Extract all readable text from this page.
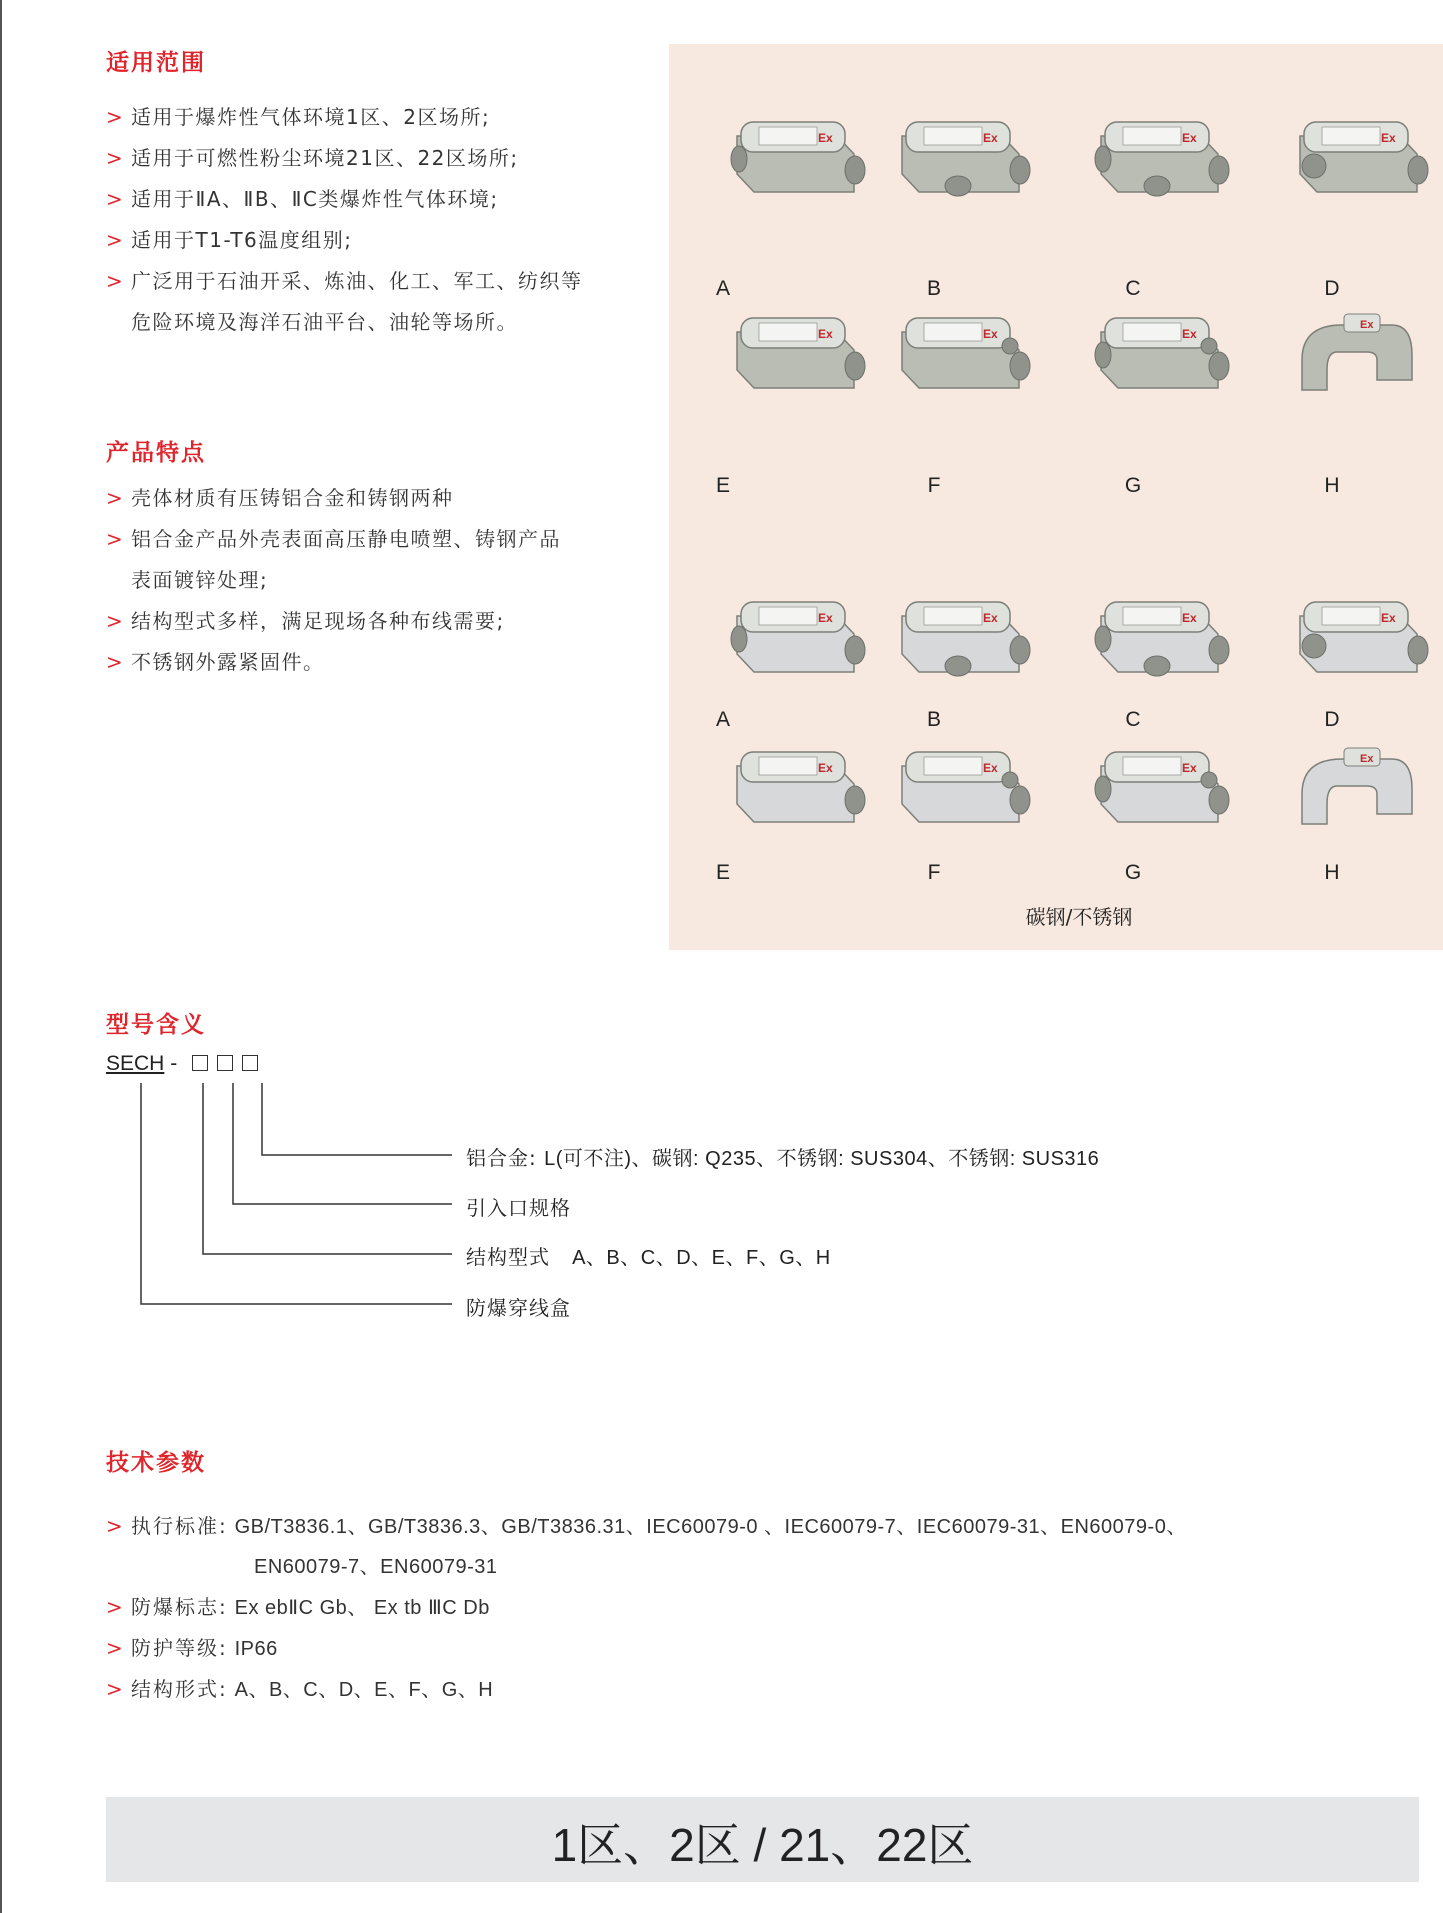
适用范围
> 适用于爆炸性气体环境1区、2区场所;
> 适用于可燃性粉尘环境21区、22区场所;
> 适用于ⅡA、ⅡB、ⅡC类爆炸性气体环境;
> 适用于T1-T6温度组别;
> 广泛用于石油开采、炼油、化工、军工、纺织等
危险环境及海洋石油平台、油轮等场所。
产品特点
> 壳体材质有压铸铝合金和铸钢两种
> 铝合金产品外壳表面高压静电喷塑、铸钢产品
表面镀锌处理;
> 结构型式多样，满足现场各种布线需要;
> 不锈钢外露紧固件。
碳钢/不锈钢
Ex
A
Ex
B
Ex
C
Ex
D
Ex
E
Ex
F
Ex
G
Ex
H
Ex
A
Ex
B
Ex
C
Ex
D
Ex
E
Ex
F
Ex
G
Ex
H
型号含义
SECH -
铝合金: L(可不注)、碳钢: Q235、不锈钢: SUS304、不锈钢: SUS316
引入口规格
结构型式 A、B、C、D、E、F、G、H
防爆穿线盒
技术参数
> 执行标准: GB/T3836.1、GB/T3836.3、GB/T3836.31、IEC60079-0 、IEC60079-7、IEC60079-31、EN60079-0、
EN60079-7、EN60079-31
> 防爆标志: Ex ebⅡC Gb、 Ex tb ⅢC Db
> 防护等级: IP66
> 结构形式: A、B、C、D、E、F、G、H
1区、2区 / 21、22区
